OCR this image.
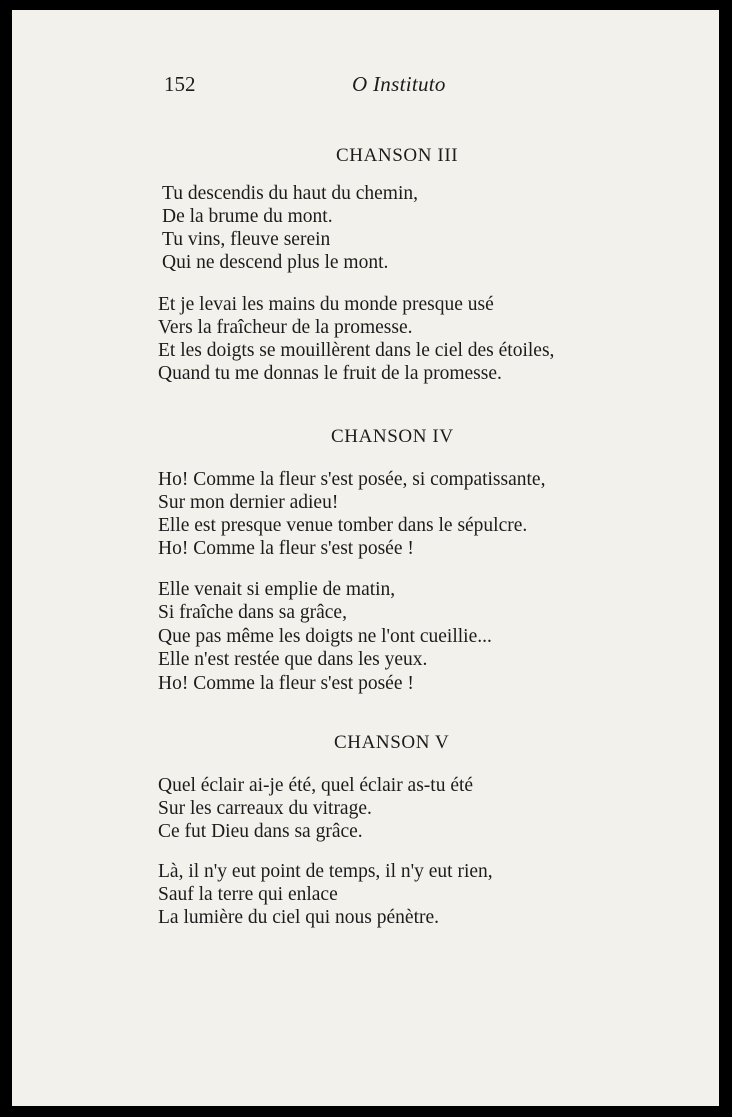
152	O Instituto
CHANSON III
Tu descendis du haut du chemin,
De la brume du mont.
Tu vins, fleuve serein
Qui ne descend plus le mont.
Et je levai les mains du monde presque usé
Vers la fraîcheur de la promesse.
Et les doigts se mouillèrent dans le ciel des étoiles,
Quand tu me donnas le fruit de la promesse.
CHANSON IV
Ho! Comme la fleur s'est posée, si compatissante,
Sur mon dernier adieu!
Elle est presque venue tomber dans le sépulcre.
Ho! Comme la fleur s'est posée !
Elle venait si emplie de matin,
Si fraîche dans sa grâce,
Que pas même les doigts ne l'ont cueillie...
Elle n'est restée que dans les yeux.
Ho! Comme la fleur s'est posée !
CHANSON V
Quel éclair ai-je été, quel éclair as-tu été
Sur les carreaux du vitrage.
Ce fut Dieu dans sa grâce.
Là, il n'y eut point de temps, il n'y eut rien,
Sauf la terre qui enlace
La lumière du ciel qui nous pénètre.
